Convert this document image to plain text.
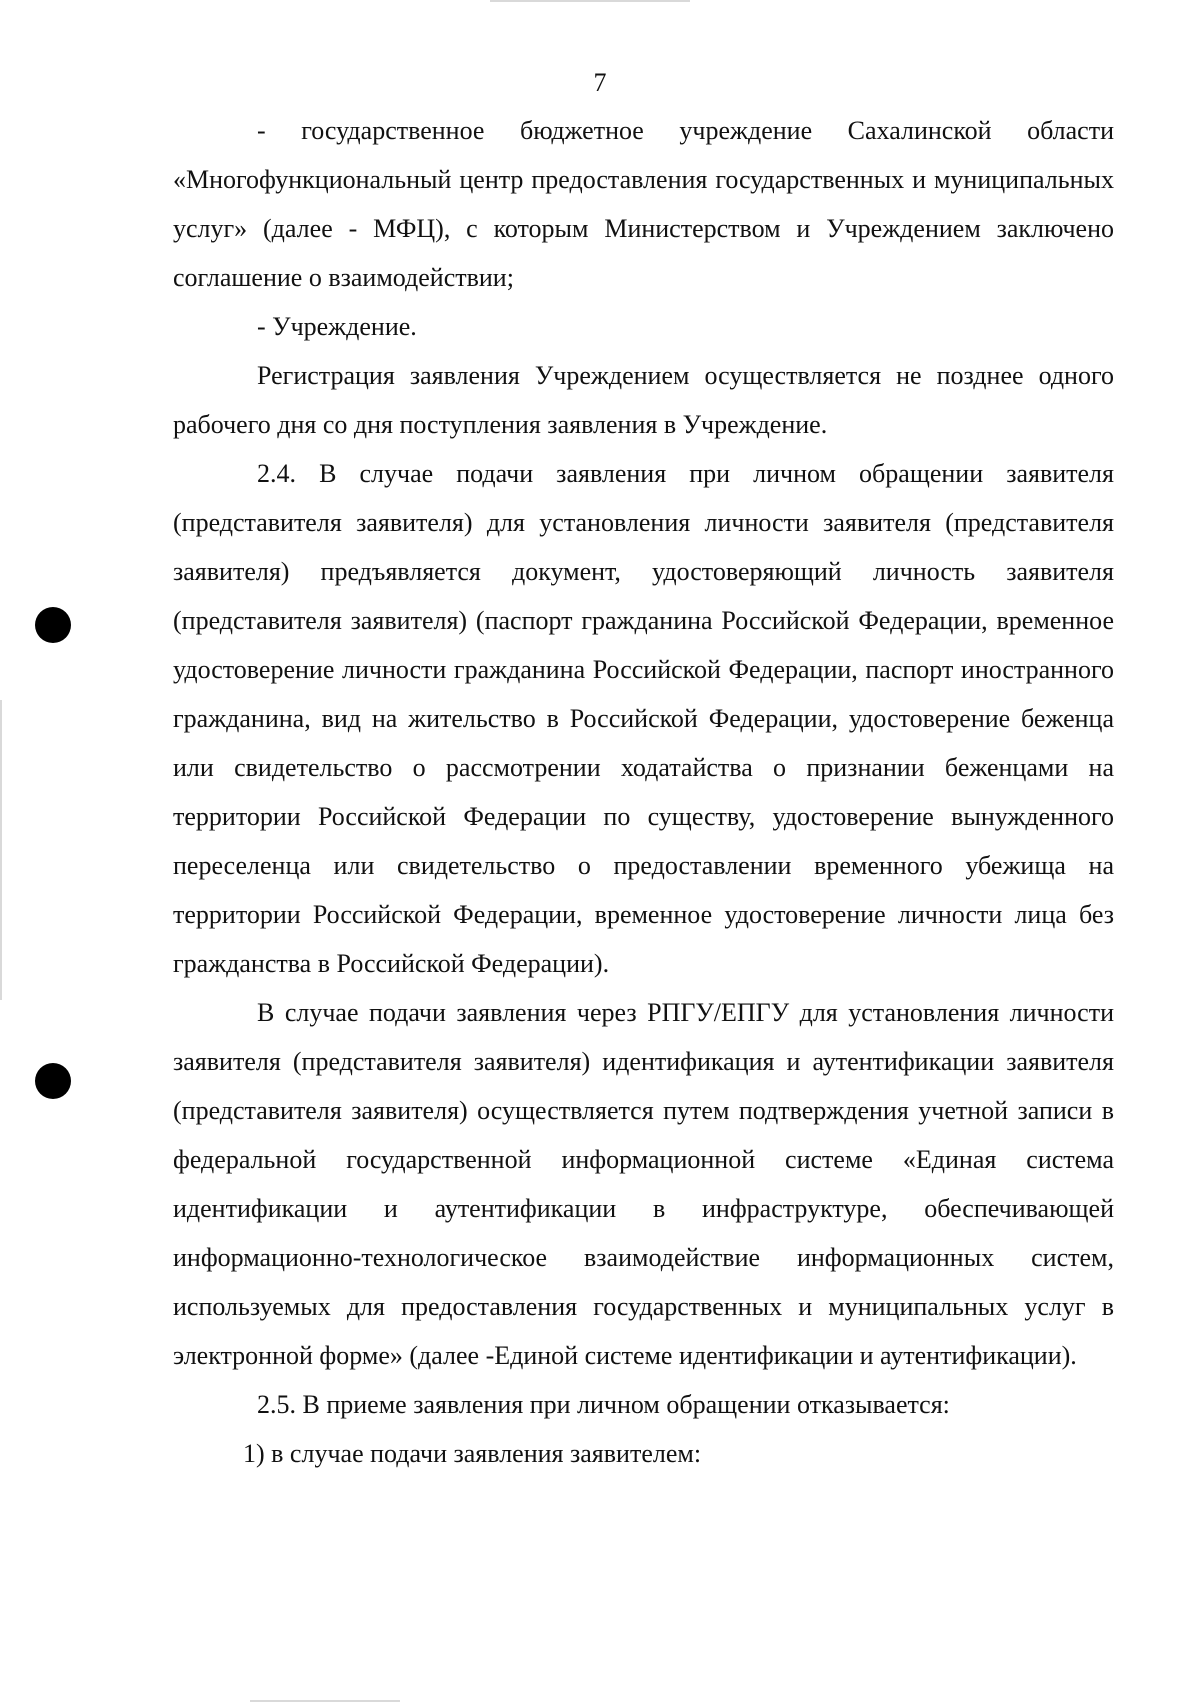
7

- государственное бюджетное учреждение Сахалинской области «Многофункциональный центр предоставления государственных и муниципальных услуг» (далее - МФЦ), с которым Министерством и Учреждением заключено соглашение о взаимодействии;

- Учреждение.

Регистрация заявления Учреждением осуществляется не позднее одного рабочего дня со дня поступления заявления в Учреждение.

2.4. В случае подачи заявления при личном обращении заявителя (представителя заявителя) для установления личности заявителя (представителя заявителя) предъявляется документ, удостоверяющий личность заявителя (представителя заявителя) (паспорт гражданина Российской Федерации, временное удостоверение личности гражданина Российской Федерации, паспорт иностранного гражданина, вид на жительство в Российской Федерации, удостоверение беженца или свидетельство о рассмотрении ходатайства о признании беженцами на территории Российской Федерации по существу, удостоверение вынужденного переселенца или свидетельство о предоставлении временного убежища на территории Российской Федерации, временное удостоверение личности лица без гражданства в Российской Федерации).

В случае подачи заявления через РПГУ/ЕПГУ для установления личности заявителя (представителя заявителя) идентификация и аутентификации заявителя (представителя заявителя) осуществляется путем подтверждения учетной записи в федеральной государственной информационной системе «Единая система идентификации и аутентификации в инфраструктуре, обеспечивающей информационно-технологическое взаимодействие информационных систем, используемых для предоставления государственных и муниципальных услуг в электронной форме» (далее -Единой системе идентификации и аутентификации).

2.5. В приеме заявления при личном обращении отказывается:

1) в случае подачи заявления заявителем:
